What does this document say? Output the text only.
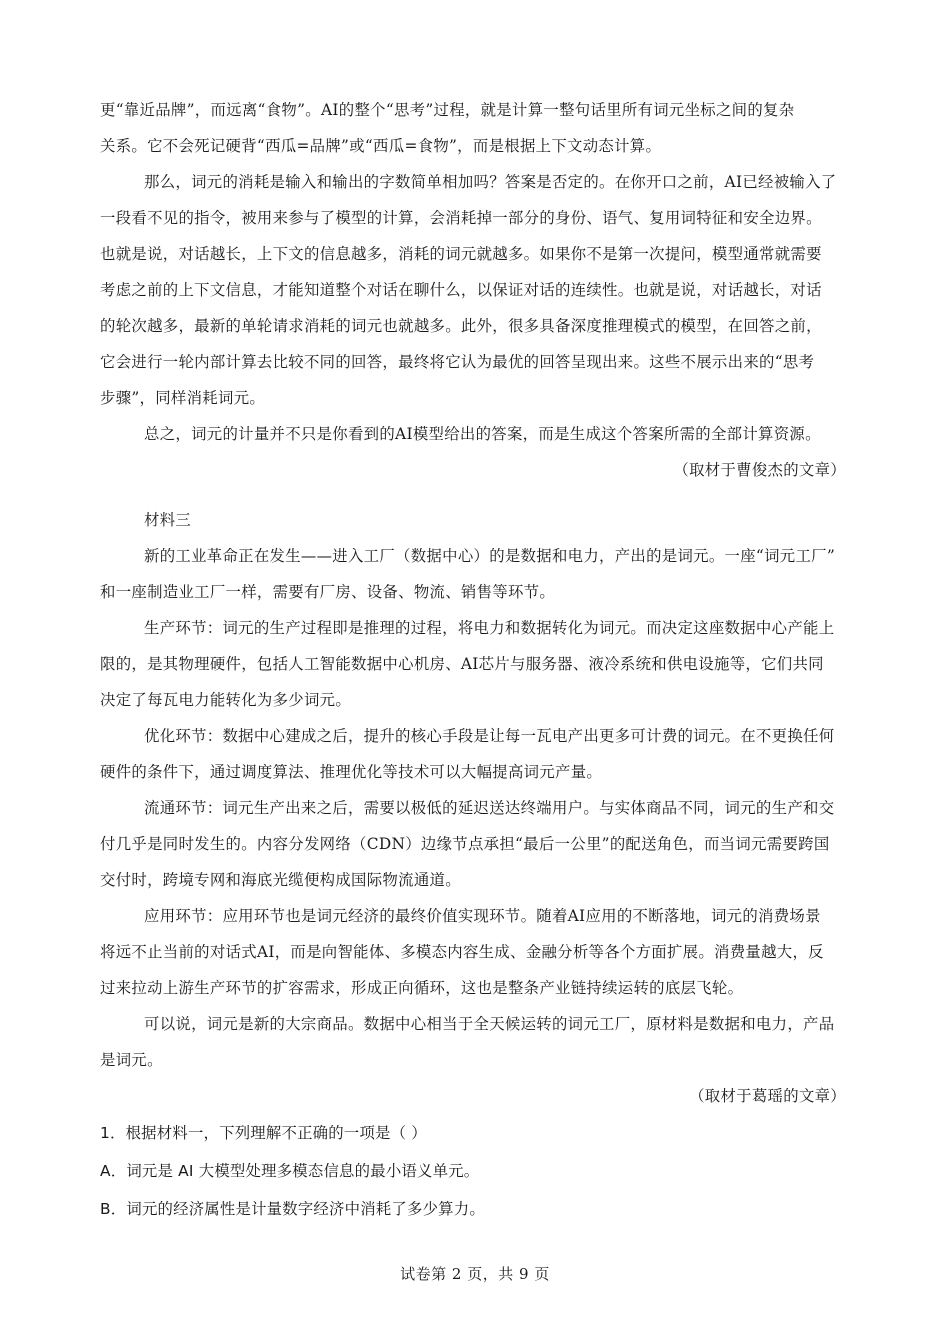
更“靠近品牌”，而远离“食物”。AI的整个“思考”过程，就是计算一整句话里所有词元坐标之间的复杂
关系。它不会死记硬背“西瓜=品牌”或“西瓜=食物”，而是根据上下文动态计算。
那么，词元的消耗是输入和输出的字数简单相加吗？答案是否定的。在你开口之前，AI已经被输入了
一段看不见的指令，被用来参与了模型的计算，会消耗掉一部分的身份、语气、复用词特征和安全边界。
也就是说，对话越长，上下文的信息越多，消耗的词元就越多。如果你不是第一次提问，模型通常就需要
考虑之前的上下文信息，才能知道整个对话在聊什么，以保证对话的连续性。也就是说，对话越长，对话
的轮次越多，最新的单轮请求消耗的词元也就越多。此外，很多具备深度推理模式的模型，在回答之前，
它会进行一轮内部计算去比较不同的回答，最终将它认为最优的回答呈现出来。这些不展示出来的“思考
步骤”，同样消耗词元。
总之，词元的计量并不只是你看到的AI模型给出的答案，而是生成这个答案所需的全部计算资源。
（取材于曹俊杰的文章）
材料三
新的工业革命正在发生——进入工厂（数据中心）的是数据和电力，产出的是词元。一座“词元工厂”
和一座制造业工厂一样，需要有厂房、设备、物流、销售等环节。
生产环节：词元的生产过程即是推理的过程，将电力和数据转化为词元。而决定这座数据中心产能上
限的，是其物理硬件，包括人工智能数据中心机房、AI芯片与服务器、液冷系统和供电设施等，它们共同
决定了每瓦电力能转化为多少词元。
优化环节：数据中心建成之后，提升的核心手段是让每一瓦电产出更多可计费的词元。在不更换任何
硬件的条件下，通过调度算法、推理优化等技术可以大幅提高词元产量。
流通环节：词元生产出来之后，需要以极低的延迟送达终端用户。与实体商品不同，词元的生产和交
付几乎是同时发生的。内容分发网络（CDN）边缘节点承担“最后一公里”的配送角色，而当词元需要跨国
交付时，跨境专网和海底光缆便构成国际物流通道。
应用环节：应用环节也是词元经济的最终价值实现环节。随着AI应用的不断落地，词元的消费场景
将远不止当前的对话式AI，而是向智能体、多模态内容生成、金融分析等各个方面扩展。消费量越大，反
过来拉动上游生产环节的扩容需求，形成正向循环，这也是整条产业链持续运转的底层飞轮。
可以说，词元是新的大宗商品。数据中心相当于全天候运转的词元工厂，原材料是数据和电力，产品
是词元。
（取材于葛瑶的文章）
1．根据材料一，下列理解不正确的一项是（ ）
A．词元是 AI 大模型处理多模态信息的最小语义单元。
B．词元的经济属性是计量数字经济中消耗了多少算力。
试卷第 2 页，共 9 页
